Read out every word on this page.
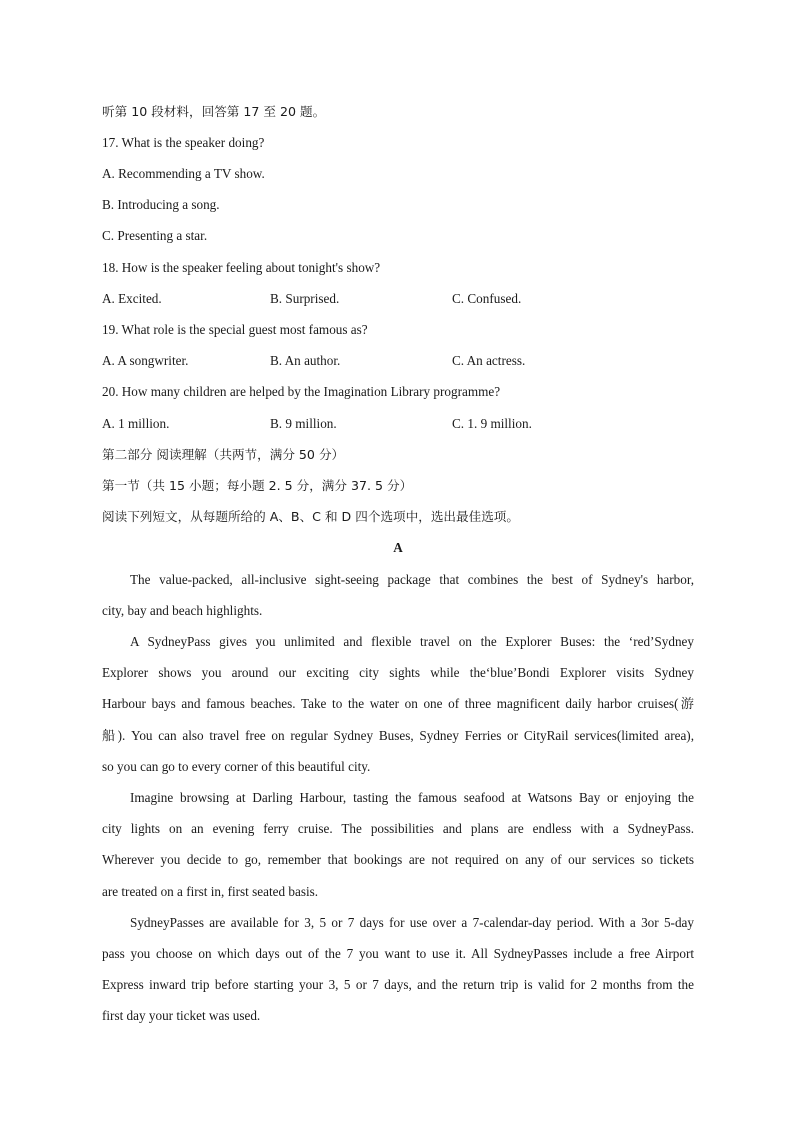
听第 10 段材料，回答第 17 至 20 题。
17. What is the speaker doing?
A. Recommending a TV show.
B. Introducing a song.
C. Presenting a star.
18. How is the speaker feeling about tonight's show?
A. Excited.	B. Surprised.	C. Confused.
19. What role is the special guest most famous as?
A. A songwriter.	B. An author.	C. An actress.
20. How many children are helped by the Imagination Library programme?
A. 1 million.	B. 9 million.	C. 1. 9 million.
第二部分 阅读理解（共两节，满分 50 分）
第一节（共 15 小题；每小题 2. 5 分，满分 37. 5 分）
阅读下列短文，从每题所给的 A、B、C 和 D 四个选项中，选出最佳选项。
A
The value-packed, all-inclusive sight-seeing package that combines the best of Sydney's harbor,
city, bay and beach highlights.
A SydneyPass gives you unlimited and flexible travel on the Explorer Buses: the ‘red’Sydney
Explorer shows you around our exciting city sights while the‘blue’Bondi Explorer visits Sydney
Harbour bays and famous beaches. Take to the water on one of three magnificent daily harbor cruises(游
船). You can also travel free on regular Sydney Buses, Sydney Ferries or CityRail services(limited area),
so you can go to every corner of this beautiful city.
Imagine browsing at Darling Harbour, tasting the famous seafood at Watsons Bay or enjoying the
city lights on an evening ferry cruise. The possibilities and plans are endless with a SydneyPass.
Wherever you decide to go, remember that bookings are not required on any of our services so tickets
are treated on a first in, first seated basis.
SydneyPasses are available for 3, 5 or 7 days for use over a 7-calendar-day period. With a 3or 5-day
pass you choose on which days out of the 7 you want to use it. All SydneyPasses include a free Airport
Express inward trip before starting your 3, 5 or 7 days, and the return trip is valid for 2 months from the
first day your ticket was used.
